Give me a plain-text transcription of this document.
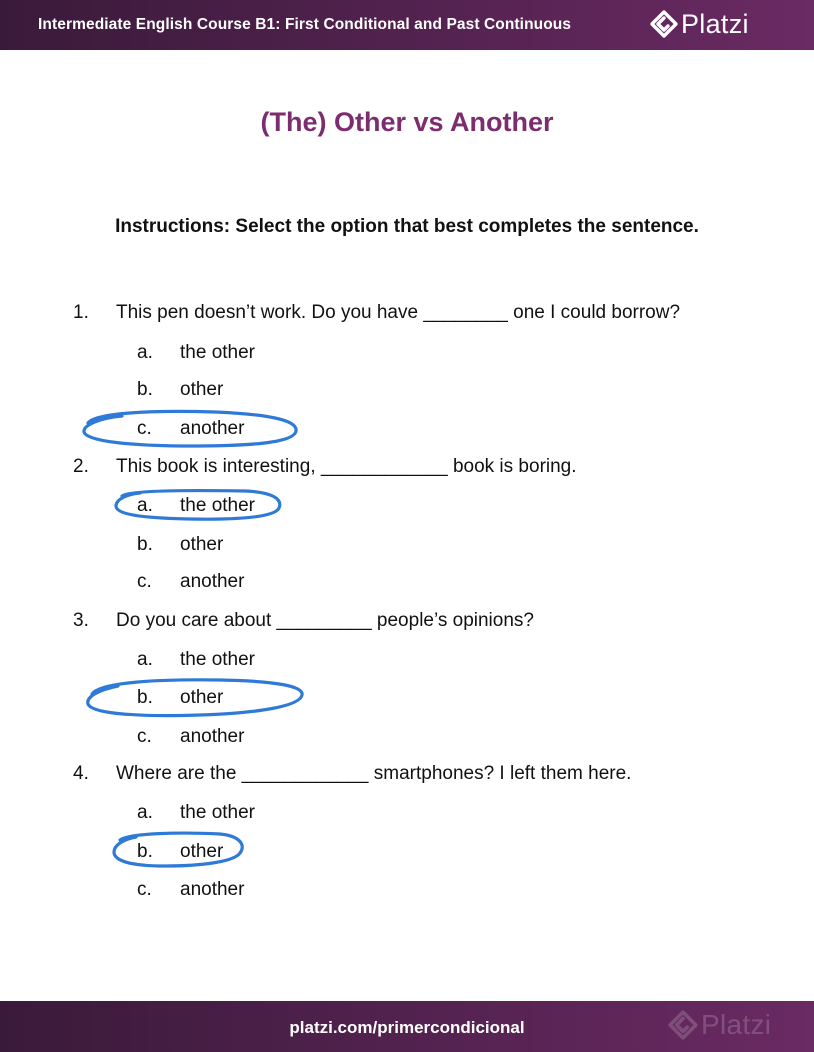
Intermediate English Course B1: First Conditional and Past Continuous	Platzi
(The) Other vs Another
Instructions: Select the option that best completes the sentence.
1. This pen doesn’t work. Do you have ________ one I could borrow?
a. the other
b. other
c. another
2. This book is interesting, ____________ book is boring.
a. the other
b. other
c. another
3. Do you care about _________ people’s opinions?
a. the other
b. other
c. another
4. Where are the ____________ smartphones? I left them here.
a. the other
b. other
c. another
platzi.com/primercondicional	Platzi
